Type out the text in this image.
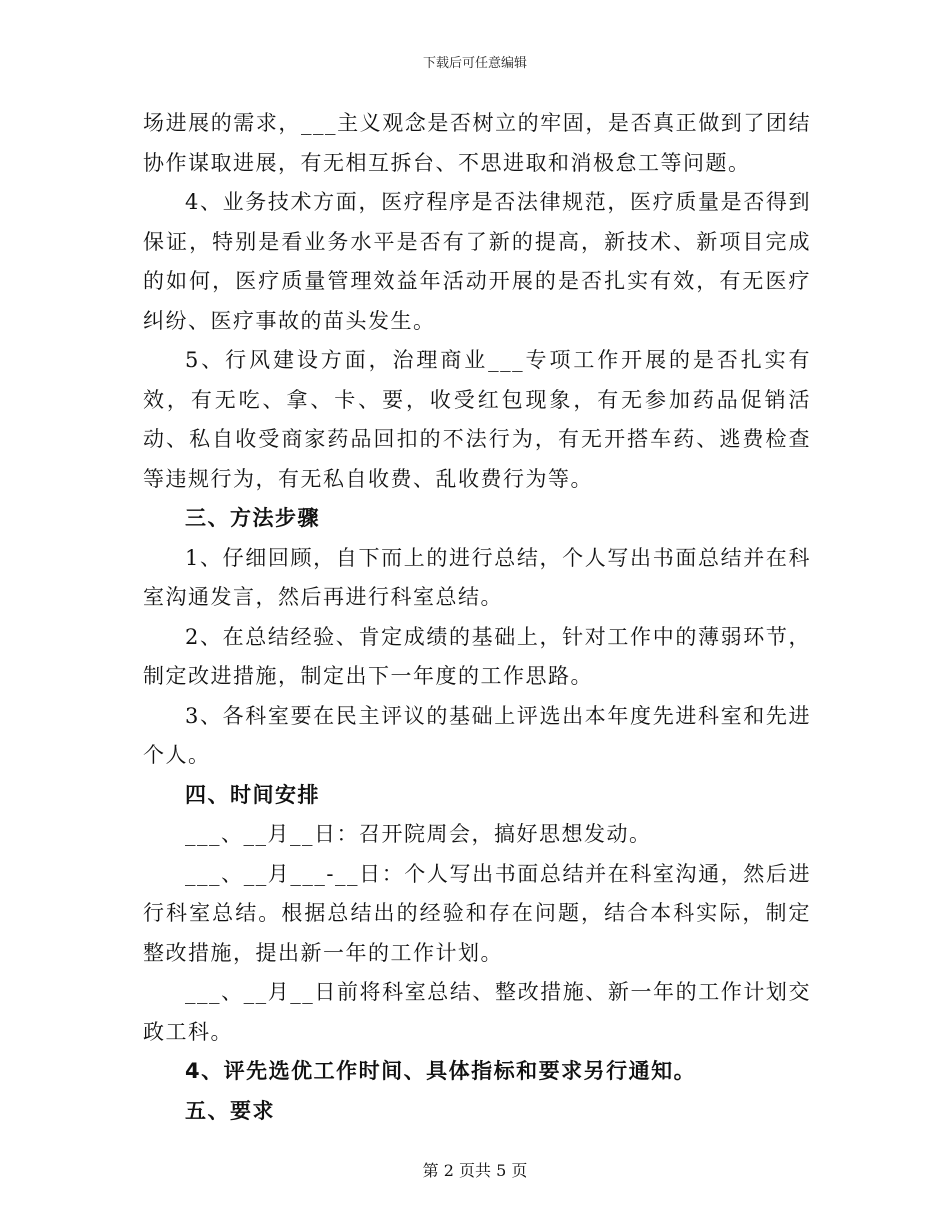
下载后可任意编辑

场进展的需求，___主义观念是否树立的牢固，是否真正做到了团结协作谋取进展，有无相互拆台、不思进取和消极怠工等问题。

4、业务技术方面，医疗程序是否法律规范，医疗质量是否得到保证，特别是看业务水平是否有了新的提高，新技术、新项目完成的如何，医疗质量管理效益年活动开展的是否扎实有效，有无医疗纠纷、医疗事故的苗头发生。

5、行风建设方面，治理商业___专项工作开展的是否扎实有效，有无吃、拿、卡、要，收受红包现象，有无参加药品促销活动、私自收受商家药品回扣的不法行为，有无开搭车药、逃费检查等违规行为，有无私自收费、乱收费行为等。

三、方法步骤

1、仔细回顾，自下而上的进行总结，个人写出书面总结并在科室沟通发言，然后再进行科室总结。

2、在总结经验、肯定成绩的基础上，针对工作中的薄弱环节，制定改进措施，制定出下一年度的工作思路。

3、各科室要在民主评议的基础上评选出本年度先进科室和先进个人。

四、时间安排

___、__月__日：召开院周会，搞好思想发动。

___、__月___-__日：个人写出书面总结并在科室沟通，然后进行科室总结。根据总结出的经验和存在问题，结合本科实际，制定整改措施，提出新一年的工作计划。

___、__月__日前将科室总结、整改措施、新一年的工作计划交政工科。

4、评先选优工作时间、具体指标和要求另行通知。

五、要求

第 2 页共 5 页
